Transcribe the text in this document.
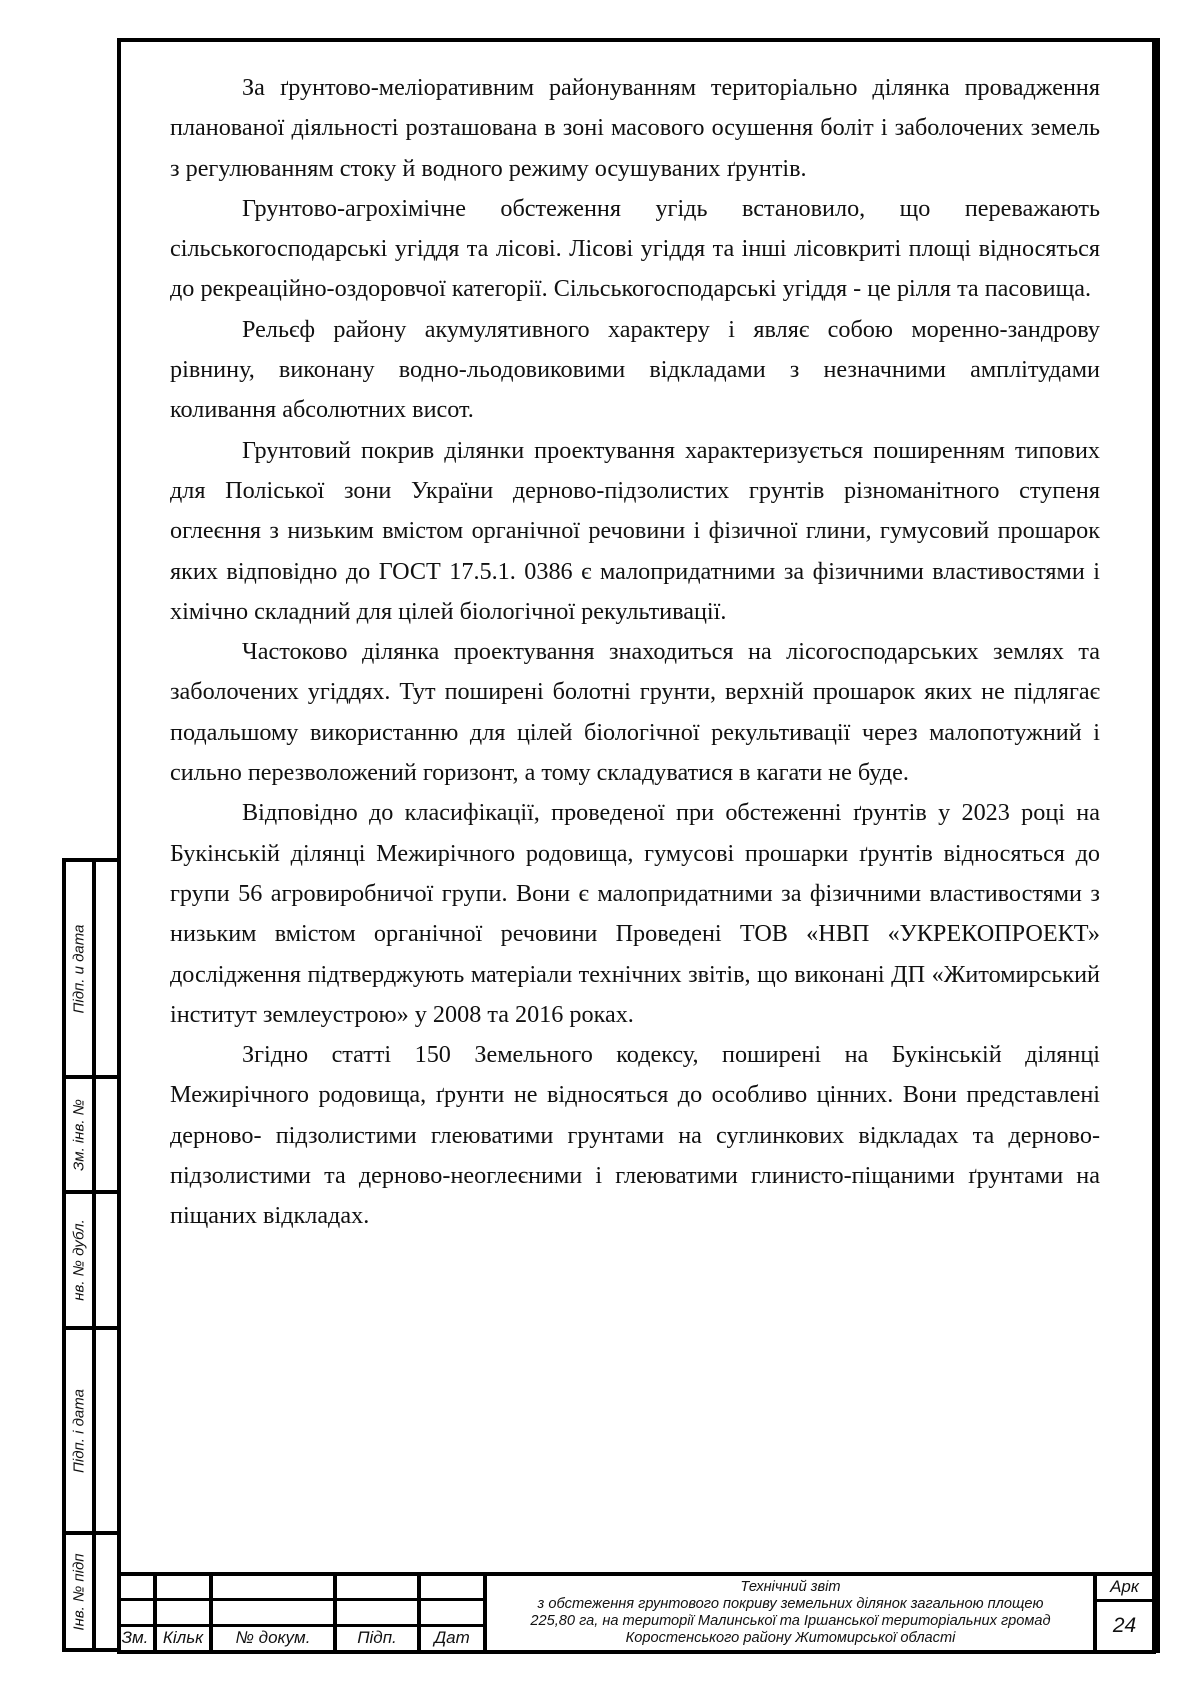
За ґрунтово-меліоративним районуванням територіально ділянка провадження планованої діяльності розташована в зоні масового осушення боліт і заболочених земель з регулюванням стоку й водного режиму осушуваних ґрунтів.

Грунтово-агрохімічне обстеження угідь встановило, що переважають сільськогосподарські угіддя та лісові. Лісові угіддя та інші лісовкриті площі відносяться до рекреаційно-оздоровчої категорії. Сільськогосподарські угіддя - це рілля та пасовища.

Рельєф району акумулятивного характеру і являє собою моренно-зандрову рівнину, виконану водно-льодовиковими відкладами з незначними амплітудами коливання абсолютних висот.

Грунтовий покрив ділянки проектування характеризується поширенням типових для Поліської зони України дерново-підзолистих грунтів різноманітного ступеня оглеєння з низьким вмістом органічної речовини і фізичної глини, гумусовий прошарок яких відповідно до ГОСТ 17.5.1. 0386 є малопридатними за фізичними властивостями і хімічно складний для цілей біологічної рекультивації.

Частоково ділянка проектування знаходиться на лісогосподарських землях та заболочених угіддях. Тут поширені болотні грунти, верхній прошарок яких не підлягає подальшому використанню для цілей біологічної рекультивації через малопотужний і сильно перезволожений горизонт, а тому складуватися в кагати не буде.

Відповідно до класифікації, проведеної при обстеженні ґрунтів у 2023 році на Букінській ділянці Межирічного родовища, гумусові прошарки ґрунтів відносяться до групи 56 агровиробничої групи. Вони є малопридатними за фізичними властивостями з низьким вмістом органічної речовини Проведені ТОВ «НВП «УКРЕКОПРОЕКТ» дослідження підтверджують матеріали технічних звітів, що виконані ДП «Житомирський інститут землеустрою» у 2008 та 2016 роках.

Згідно статті 150 Земельного кодексу, поширені на Букінській ділянці Межирічного родовища, ґрунти не відносяться до особливо цінних. Вони представлені дерново- підзолистими глеюватими грунтами на суглинкових відкладах та дерново-підзолистими та дерново-неоглеєними і глеюватими глинисто-піщаними ґрунтами на піщаних відкладах.

Підп. и дата
Зм. інв. №
нв. № дубл.
Підп. і дата
Інв. № підп
Зм. Кільк	№ докум.	Підп.	Дат
Технічний звіт
з обстеження грунтового покриву земельних ділянок загальною площею
225,80 га, на території Малинської та Іршанської територіальних громад
Коростенського району Житомирської області
Арк
24
